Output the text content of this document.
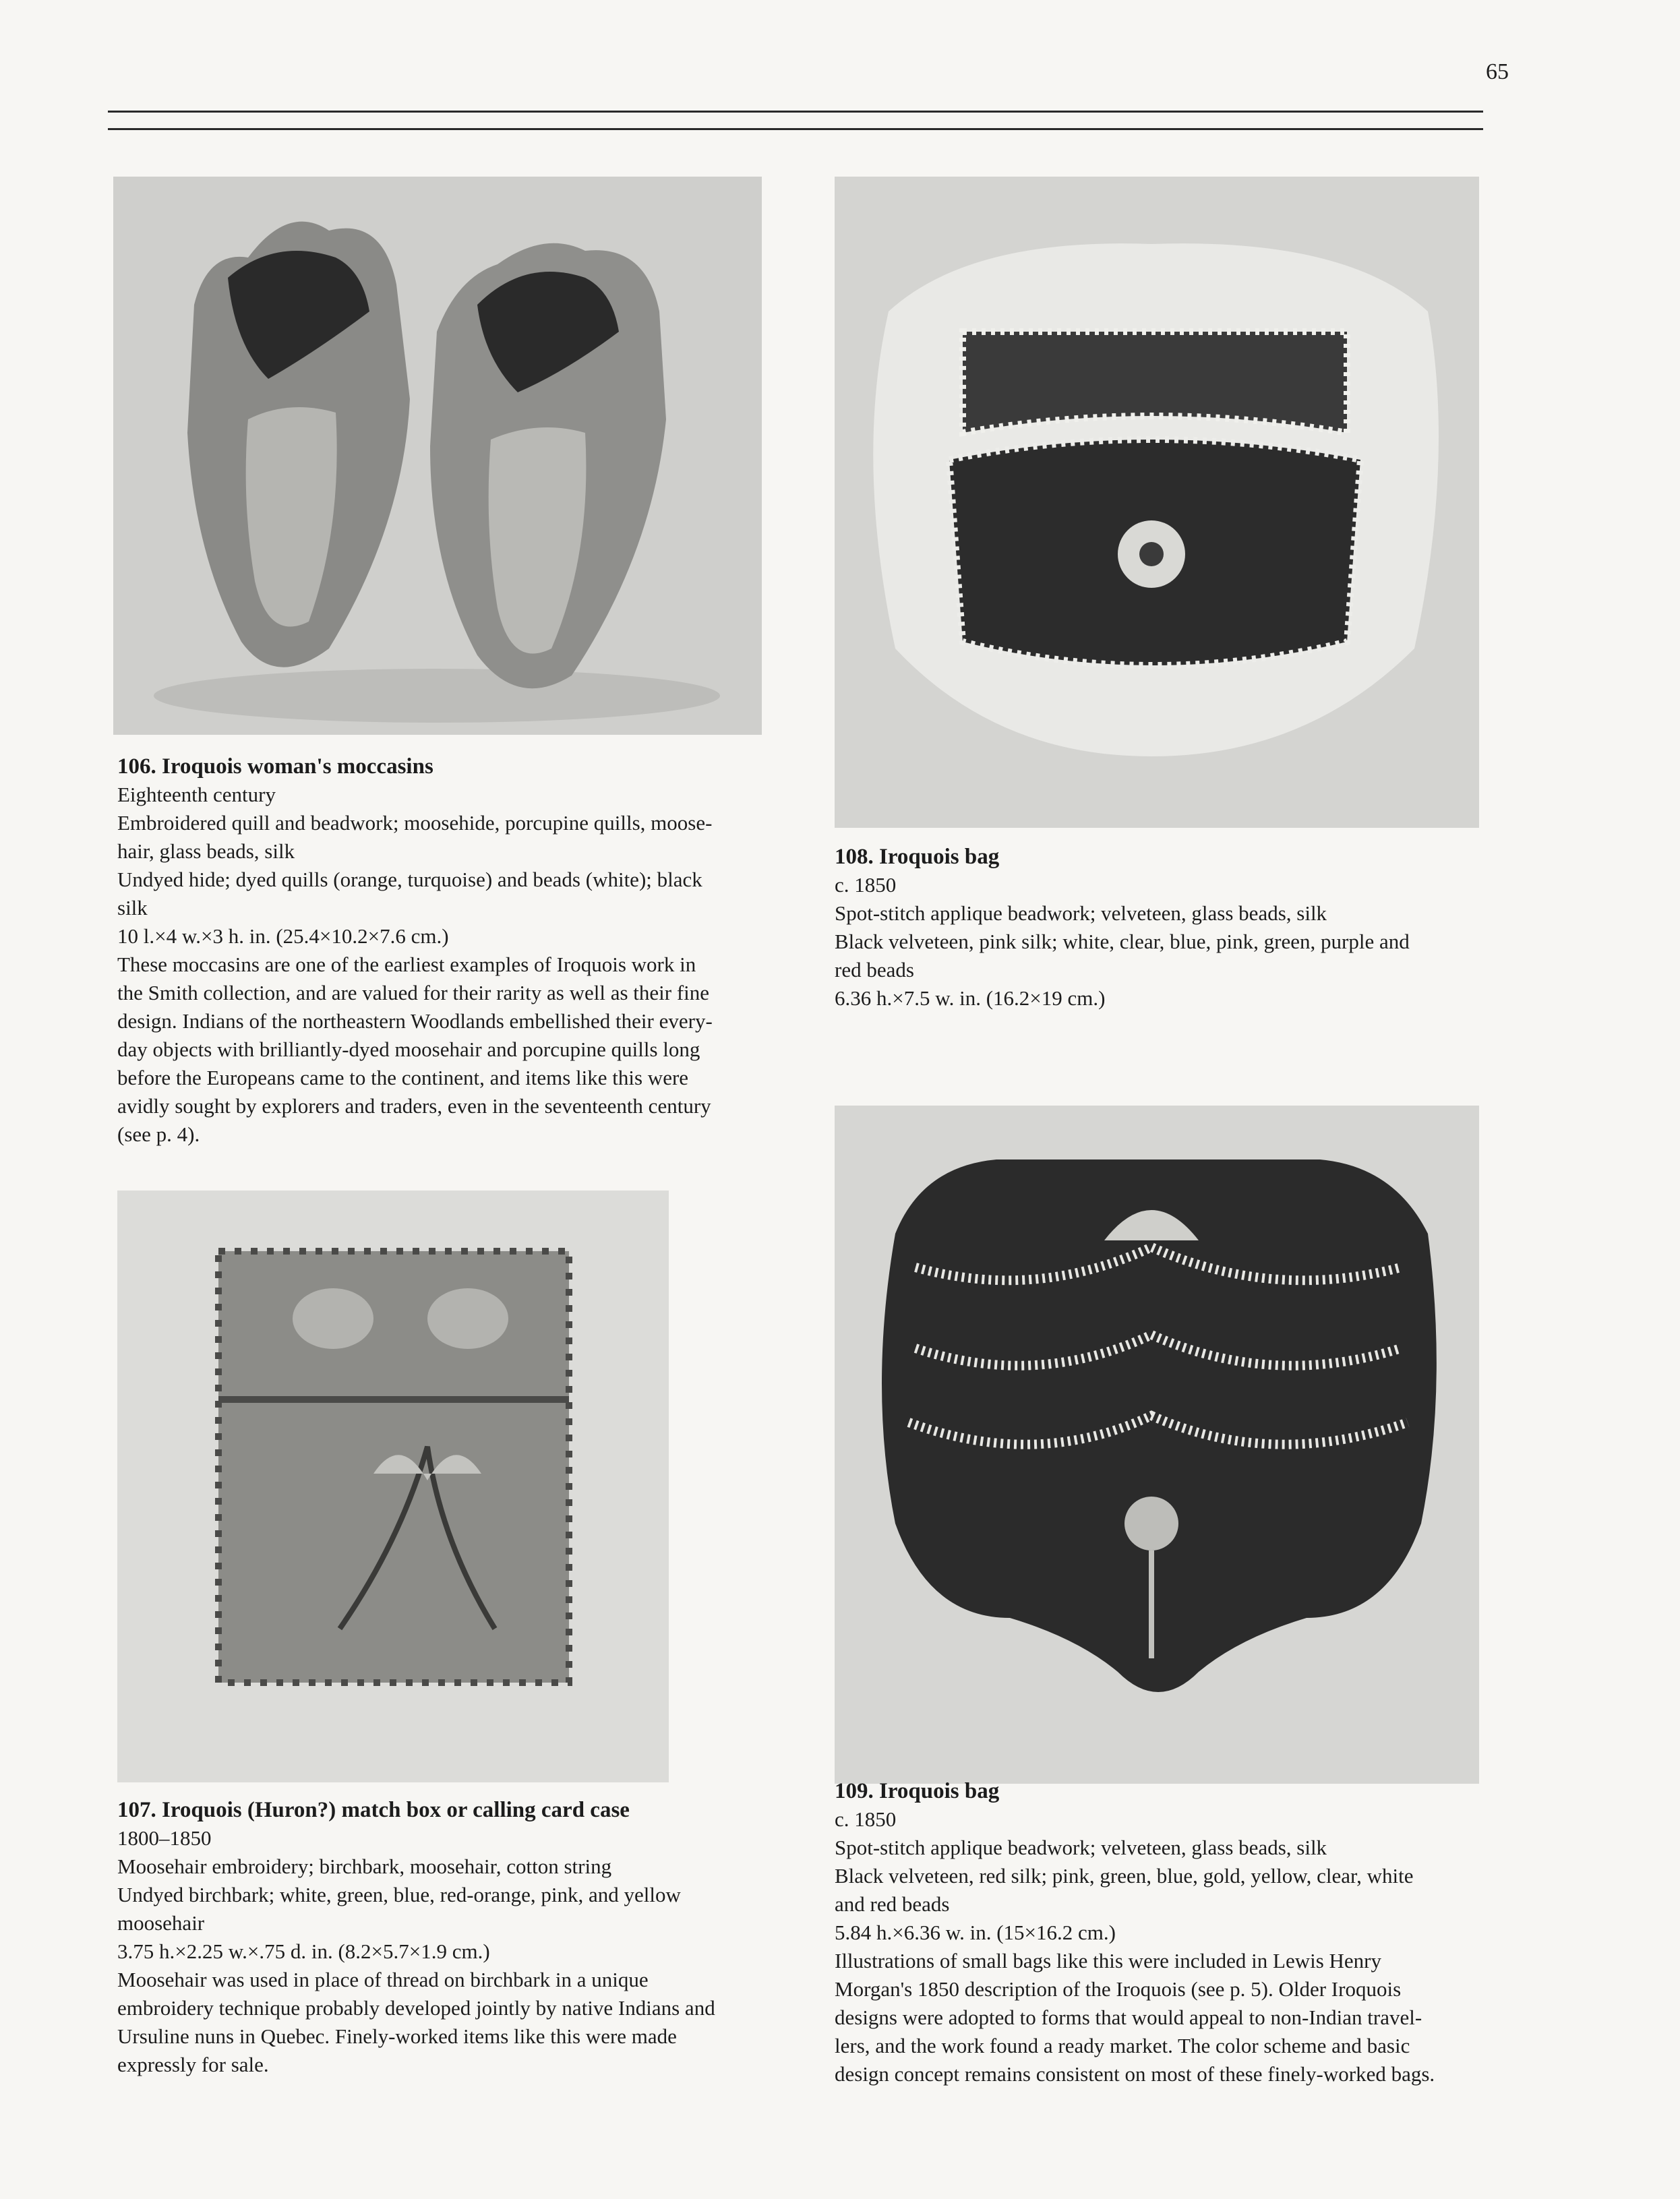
65
106. Iroquois woman's moccasins
Eighteenth century
Embroidered quill and beadwork; moosehide, porcupine quills, moose-
hair, glass beads, silk
Undyed hide; dyed quills (orange, turquoise) and beads (white); black
silk
10 l.×4 w.×3 h. in. (25.4×10.2×7.6 cm.)
These moccasins are one of the earliest examples of Iroquois work in
the Smith collection, and are valued for their rarity as well as their fine
design. Indians of the northeastern Woodlands embellished their every-
day objects with brilliantly-dyed moosehair and porcupine quills long
before the Europeans came to the continent, and items like this were
avidly sought by explorers and traders, even in the seventeenth century
(see p. 4).
107. Iroquois (Huron?) match box or calling card case
1800–1850
Moosehair embroidery; birchbark, moosehair, cotton string
Undyed birchbark; white, green, blue, red-orange, pink, and yellow
moosehair
3.75 h.×2.25 w.×.75 d. in. (8.2×5.7×1.9 cm.)
Moosehair was used in place of thread on birchbark in a unique
embroidery technique probably developed jointly by native Indians and
Ursuline nuns in Quebec. Finely-worked items like this were made
expressly for sale.
108. Iroquois bag
c. 1850
Spot-stitch applique beadwork; velveteen, glass beads, silk
Black velveteen, pink silk; white, clear, blue, pink, green, purple and
red beads
6.36 h.×7.5 w. in. (16.2×19 cm.)
109. Iroquois bag
c. 1850
Spot-stitch applique beadwork; velveteen, glass beads, silk
Black velveteen, red silk; pink, green, blue, gold, yellow, clear, white
and red beads
5.84 h.×6.36 w. in. (15×16.2 cm.)
Illustrations of small bags like this were included in Lewis Henry
Morgan's 1850 description of the Iroquois (see p. 5). Older Iroquois
designs were adopted to forms that would appeal to non-Indian travel-
lers, and the work found a ready market. The color scheme and basic
design concept remains consistent on most of these finely-worked bags.
